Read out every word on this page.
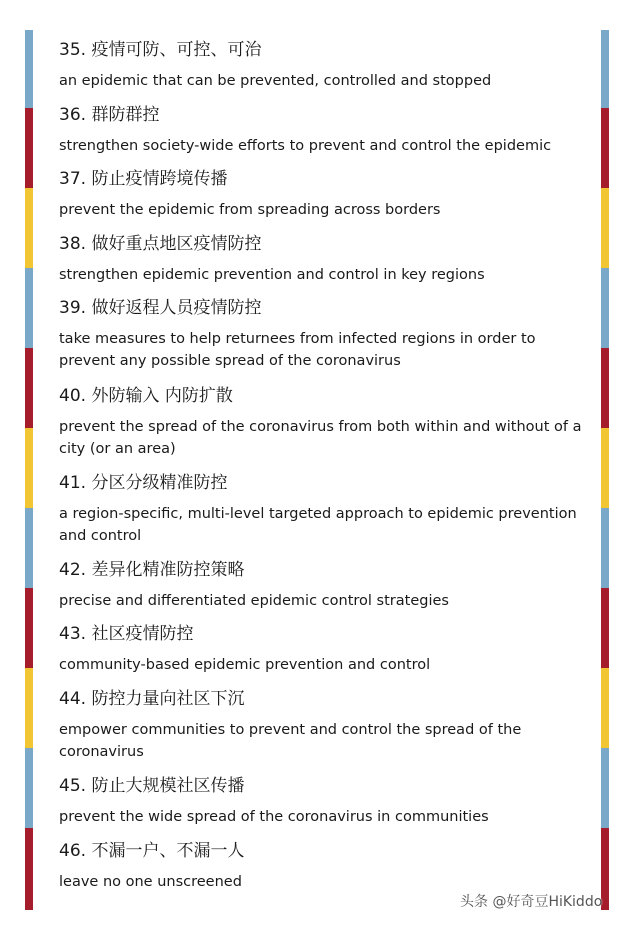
35. 疫情可防、可控、可治
an epidemic that can be prevented, controlled and stopped
36. 群防群控
strengthen society-wide efforts to prevent and control the epidemic
37. 防止疫情跨境传播
prevent the epidemic from spreading across borders
38. 做好重点地区疫情防控
strengthen epidemic prevention and control in key regions
39. 做好返程人员疫情防控
take measures to help returnees from infected regions in order to prevent any possible spread of the coronavirus
40. 外防输入 内防扩散
prevent the spread of the coronavirus from both within and without of a city (or an area)
41. 分区分级精准防控
a region-specific, multi-level targeted approach to epidemic prevention and control
42. 差异化精准防控策略
precise and differentiated epidemic control strategies
43. 社区疫情防控
community-based epidemic prevention and control
44. 防控力量向社区下沉
empower communities to prevent and control the spread of the coronavirus
45. 防止大规模社区传播
prevent the wide spread of the coronavirus in communities
46. 不漏一户、不漏一人
leave no one unscreened
头条 @好奇豆HiKiddo
